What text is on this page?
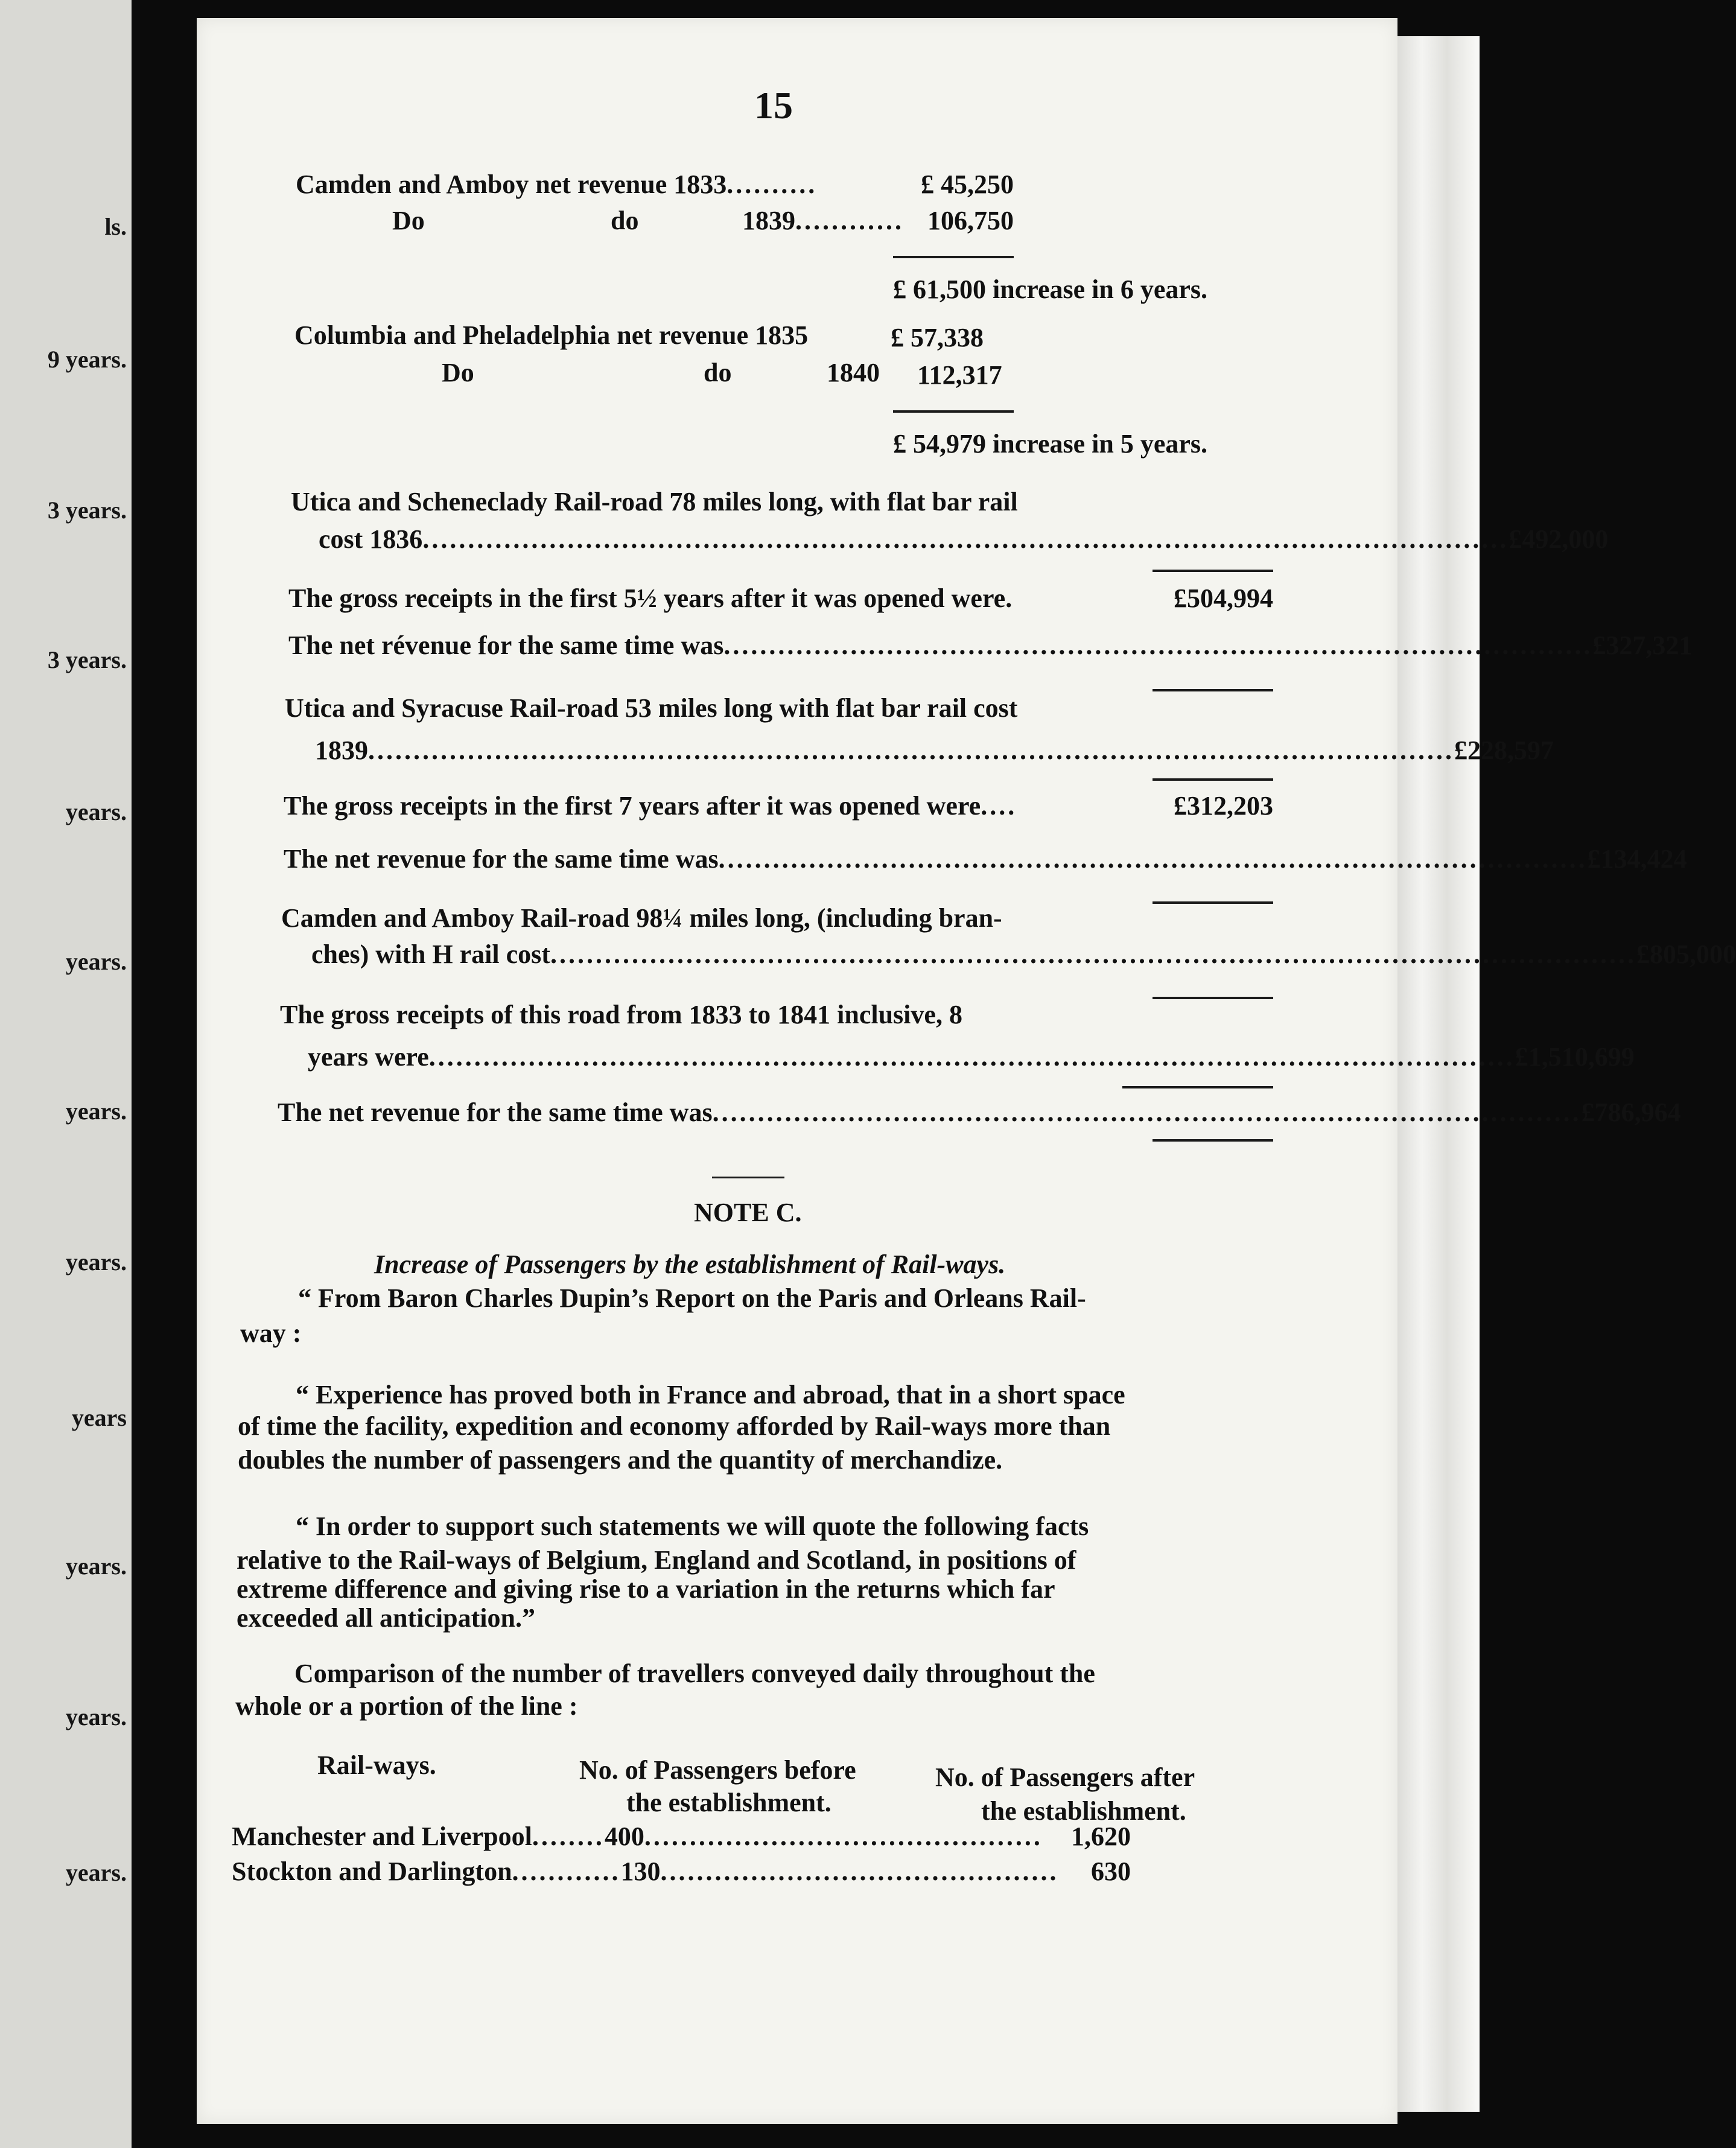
ls.
9 years.
3 years.
3 years.
years.
years.
years.
years.
years
years.
years.
years.
15
Camden and Amboy net revenue 1833 ..........	£ 45,250
Do	do	1839 ............ 106,750
£ 61,500 increase in 6 years.
Columbia and Pheladelphia net revenue 1835	£ 57,338
Do	do	1840 112,317
£ 54,979 increase in 5 years.
Utica and Scheneclady Rail-road 78 miles long, with flat bar rail
cost 1836 ........................................................................................................................ £492,000
The gross receipts in the first 5½ years after it was opened were .	£504,994
The net révenue for the same time was ................................................................................................ £327,321
Utica and Syracuse Rail-road 53 miles long with flat bar rail cost
1839 ........................................................................................................................ £228,597
The gross receipts in the first 7 years after it was opened were ....	£312,203
The net revenue for the same time was ................................................................................................ £134,424
Camden and Amboy Rail-road 98¼ miles long, (including bran-
ches) with H rail cost ........................................................................................................................ £805,000
The gross receipts of this road from 1833 to 1841 inclusive, 8
years were ........................................................................................................................ £1,510,699
The net revenue for the same time was ................................................................................................ £786,964
NOTE C.
Increase of Passengers by the establishment of Rail-ways.
“ From Baron Charles Dupin’s Report on the Paris and Orleans Rail-
way :
“ Experience has proved both in France and abroad, that in a short space
of time the facility, expedition and economy afforded by Rail-ways more than
doubles the number of passengers and the quantity of merchandize.
“ In order to support such statements we will quote the following facts
relative to the Rail-ways of Belgium, England and Scotland, in positions of
extreme difference and giving rise to a variation in the returns which far
exceeded all anticipation.”
Comparison of the number of travellers conveyed daily throughout the
whole or a portion of the line :
Rail-ways.	No. of Passengers before
the establishment.
No. of Passengers after
the establishment.
Manchester and Liverpool ........ 400 ............................................	1,620
Stockton and Darlington ............ 130 ............................................	630
